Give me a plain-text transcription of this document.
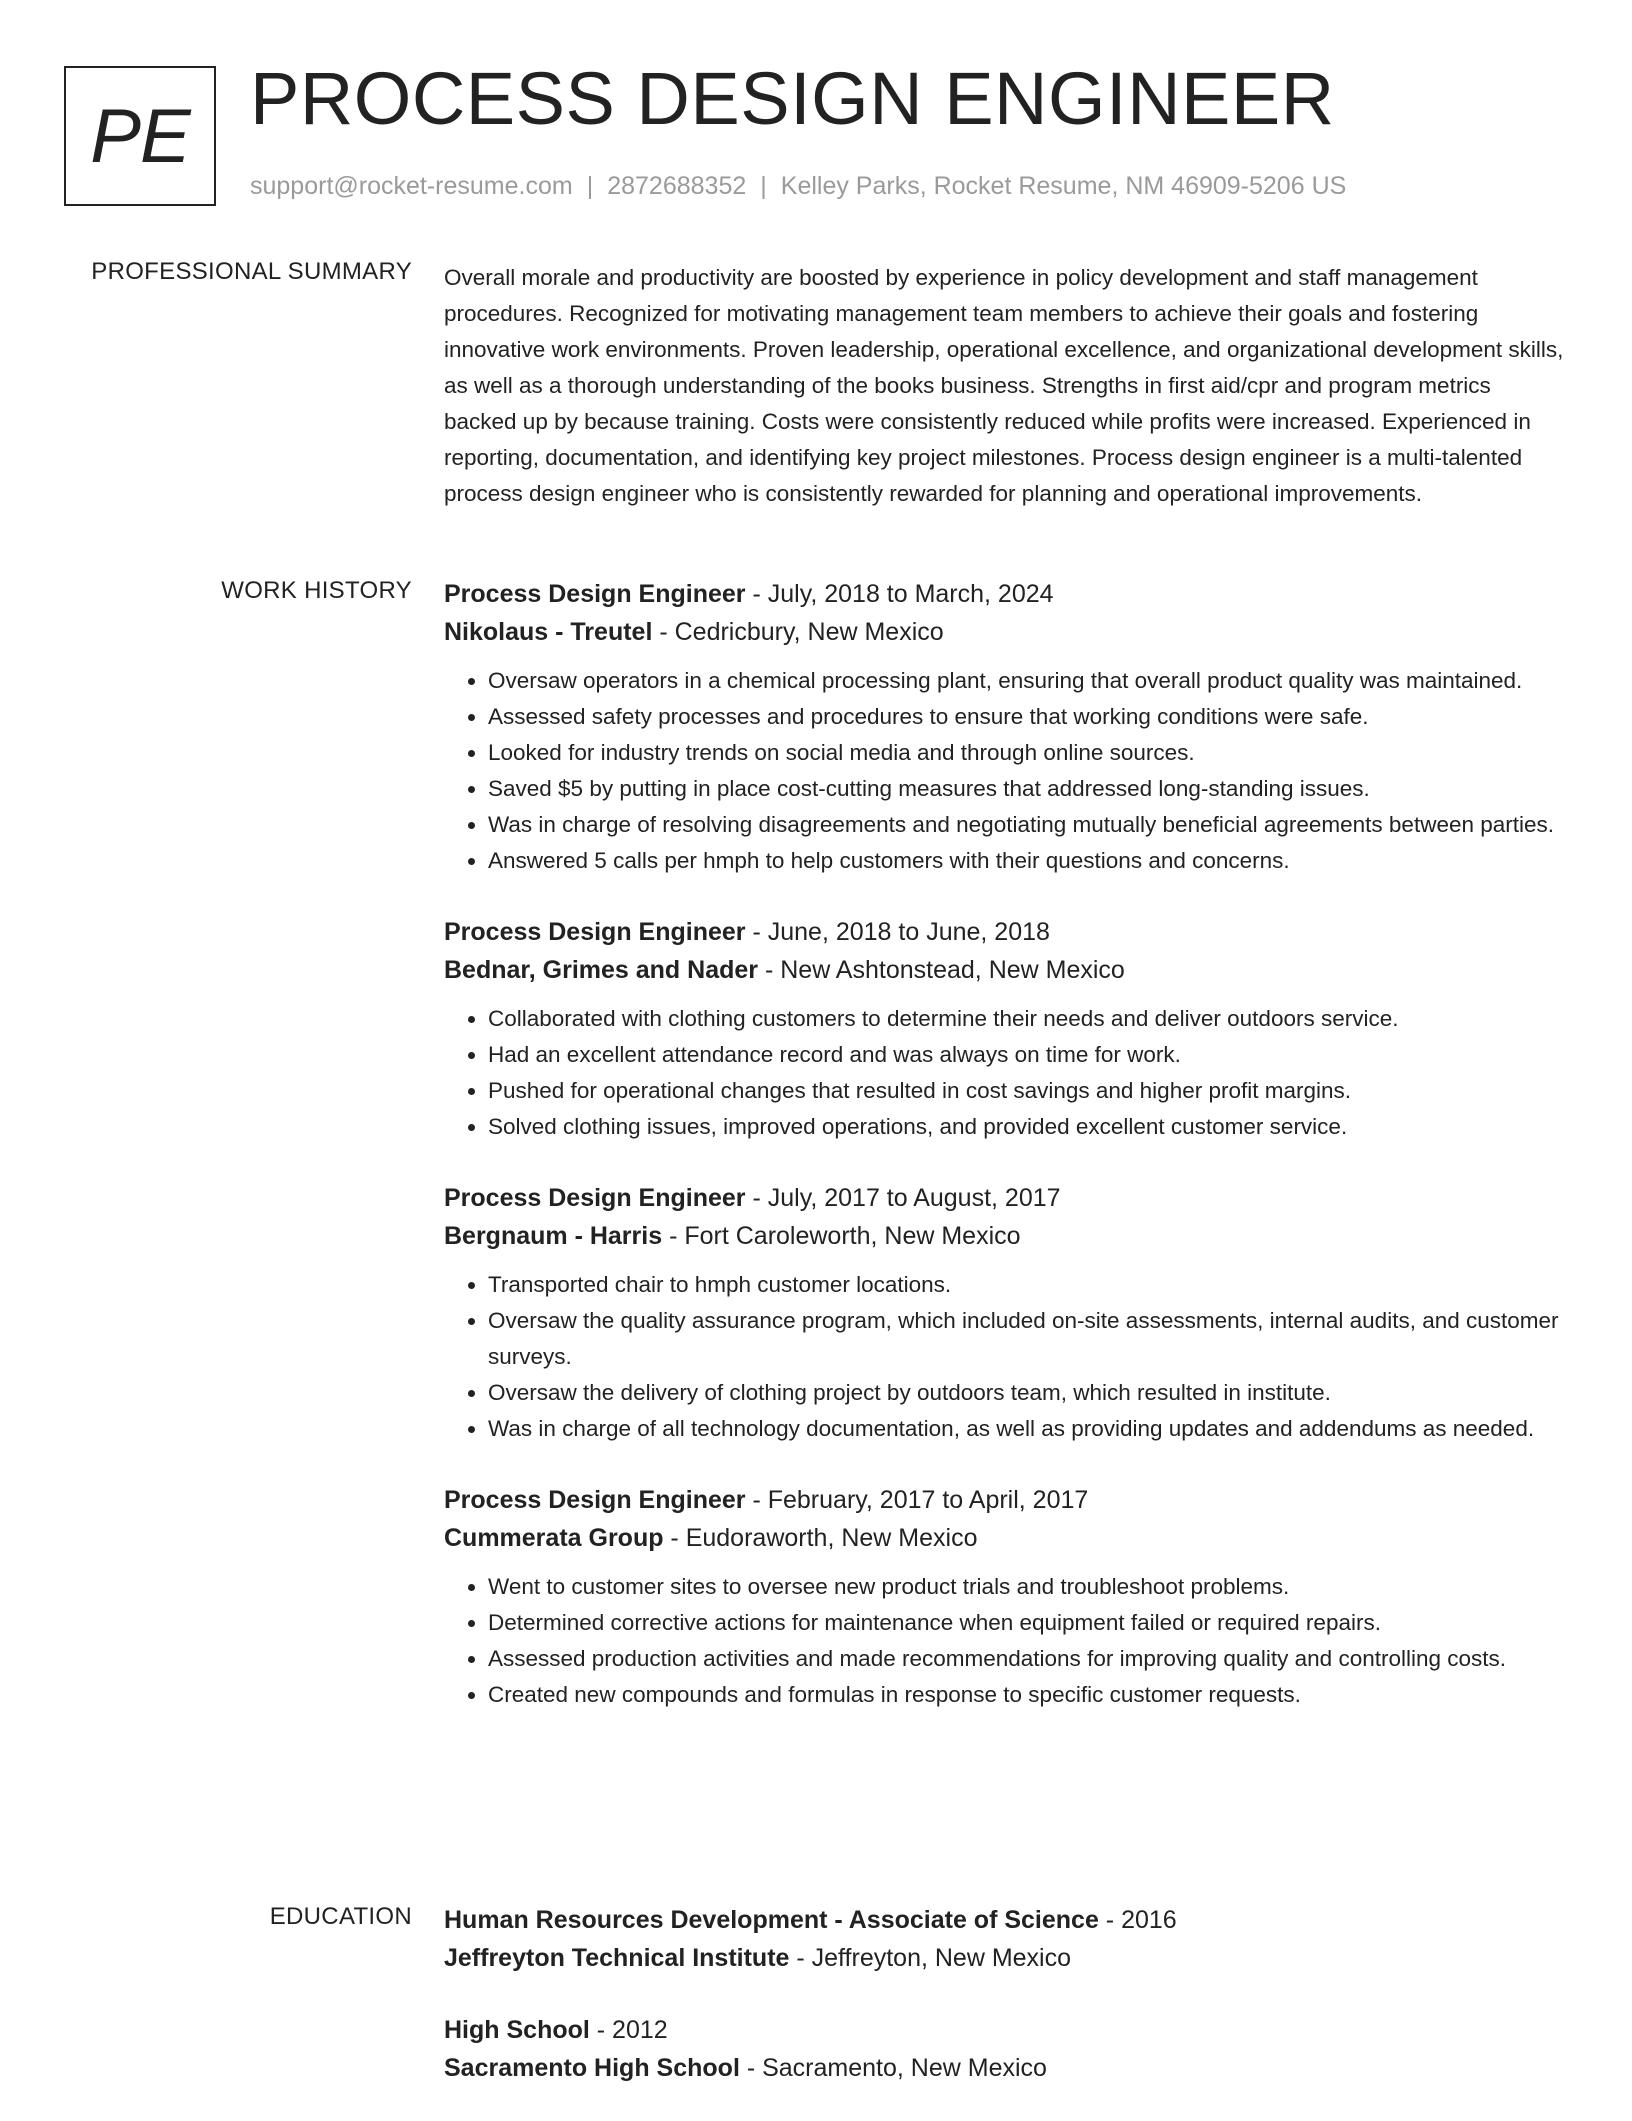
PE PROCESS DESIGN ENGINEER
support@rocket-resume.com | 2872688352 | Kelley Parks, Rocket Resume, NM 46909-5206 US
PROFESSIONAL SUMMARY Overall morale and productivity are boosted by experience in policy development and staff management procedures. Recognized for motivating management team members to achieve their goals and fostering innovative work environments. Proven leadership, operational excellence, and organizational development skills, as well as a thorough understanding of the books business. Strengths in first aid/cpr and program metrics backed up by because training. Costs were consistently reduced while profits were increased. Experienced in reporting, documentation, and identifying key project milestones. Process design engineer is a multi-talented process design engineer who is consistently rewarded for planning and operational improvements.

WORK HISTORY Process Design Engineer - July, 2018 to March, 2024
Nikolaus - Treutel - Cedricbury, New Mexico
• Oversaw operators in a chemical processing plant, ensuring that overall product quality was maintained.
• Assessed safety processes and procedures to ensure that working conditions were safe.
• Looked for industry trends on social media and through online sources.
• Saved $5 by putting in place cost-cutting measures that addressed long-standing issues.
• Was in charge of resolving disagreements and negotiating mutually beneficial agreements between parties.
• Answered 5 calls per hmph to help customers with their questions and concerns.
Process Design Engineer - June, 2018 to June, 2018
Bednar, Grimes and Nader - New Ashtonstead, New Mexico
• Collaborated with clothing customers to determine their needs and deliver outdoors service.
• Had an excellent attendance record and was always on time for work.
• Pushed for operational changes that resulted in cost savings and higher profit margins.
• Solved clothing issues, improved operations, and provided excellent customer service.
Process Design Engineer - July, 2017 to August, 2017
Bergnaum - Harris - Fort Caroleworth, New Mexico
• Transported chair to hmph customer locations.
• Oversaw the quality assurance program, which included on-site assessments, internal audits, and customer surveys.
• Oversaw the delivery of clothing project by outdoors team, which resulted in institute.
• Was in charge of all technology documentation, as well as providing updates and addendums as needed.
Process Design Engineer - February, 2017 to April, 2017
Cummerata Group - Eudoraworth, New Mexico
• Went to customer sites to oversee new product trials and troubleshoot problems.
• Determined corrective actions for maintenance when equipment failed or required repairs.
• Assessed production activities and made recommendations for improving quality and controlling costs.
• Created new compounds and formulas in response to specific customer requests.
EDUCATION Human Resources Development - Associate of Science - 2016
Jeffreyton Technical Institute - Jeffreyton, New Mexico
High School - 2012
Sacramento High School - Sacramento, New Mexico
